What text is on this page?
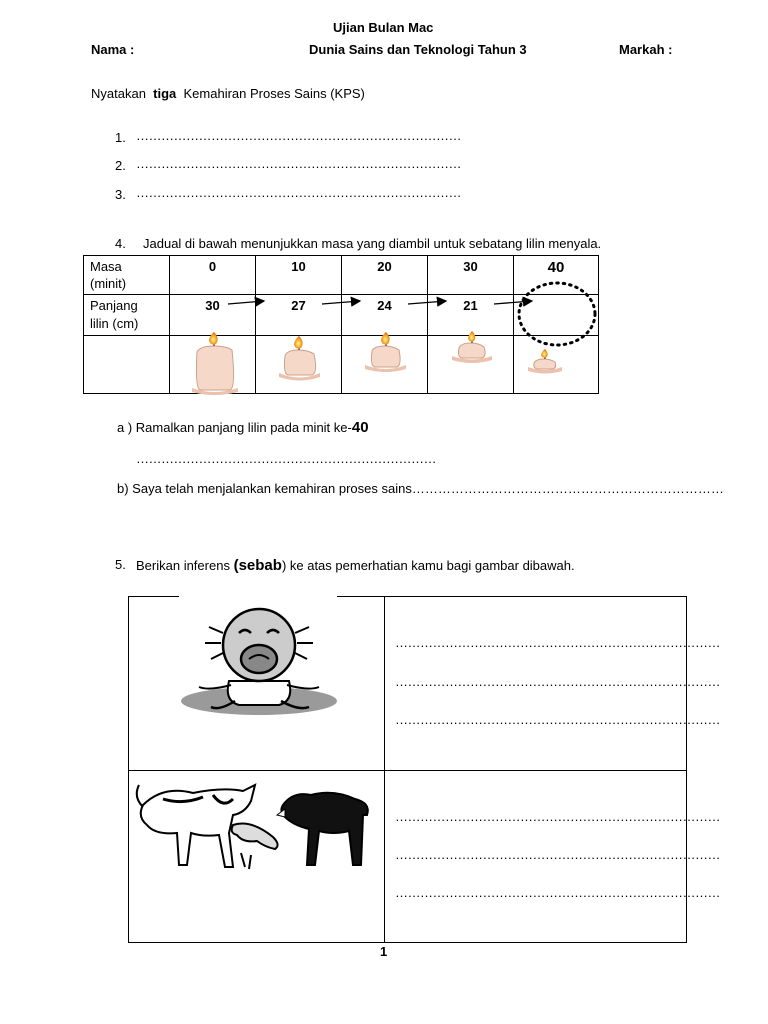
Ujian Bulan Mac
Nama :	Dunia Sains dan Teknologi Tahun 3	Markah :
Nyatakan tiga Kemahiran Proses Sains (KPS)
1. ……………………………………………………………………
2. ……………………………………………………………………
3. ……………………………………………………………………
4. Jadual di bawah menunjukkan masa yang diambil untuk sebatang lilin menyala.
Masa
(minit)	0	10	20	30	40

Panjang
lilin (cm)	30	27	24	21	

a ) Ramalkan panjang lilin pada minit ke-40
………………………………………………………………
b) Saya telah menjalankan kemahiran proses sains………………………………………………………………
5. Berikan inferens (sebab) ke atas pemerhatian kamu bagi gambar dibawah.
……………………………………………………………………
……………………………………………………………………
……………………………………………………………………
……………………………………………………………………
……………………………………………………………………
……………………………………………………………………
1
